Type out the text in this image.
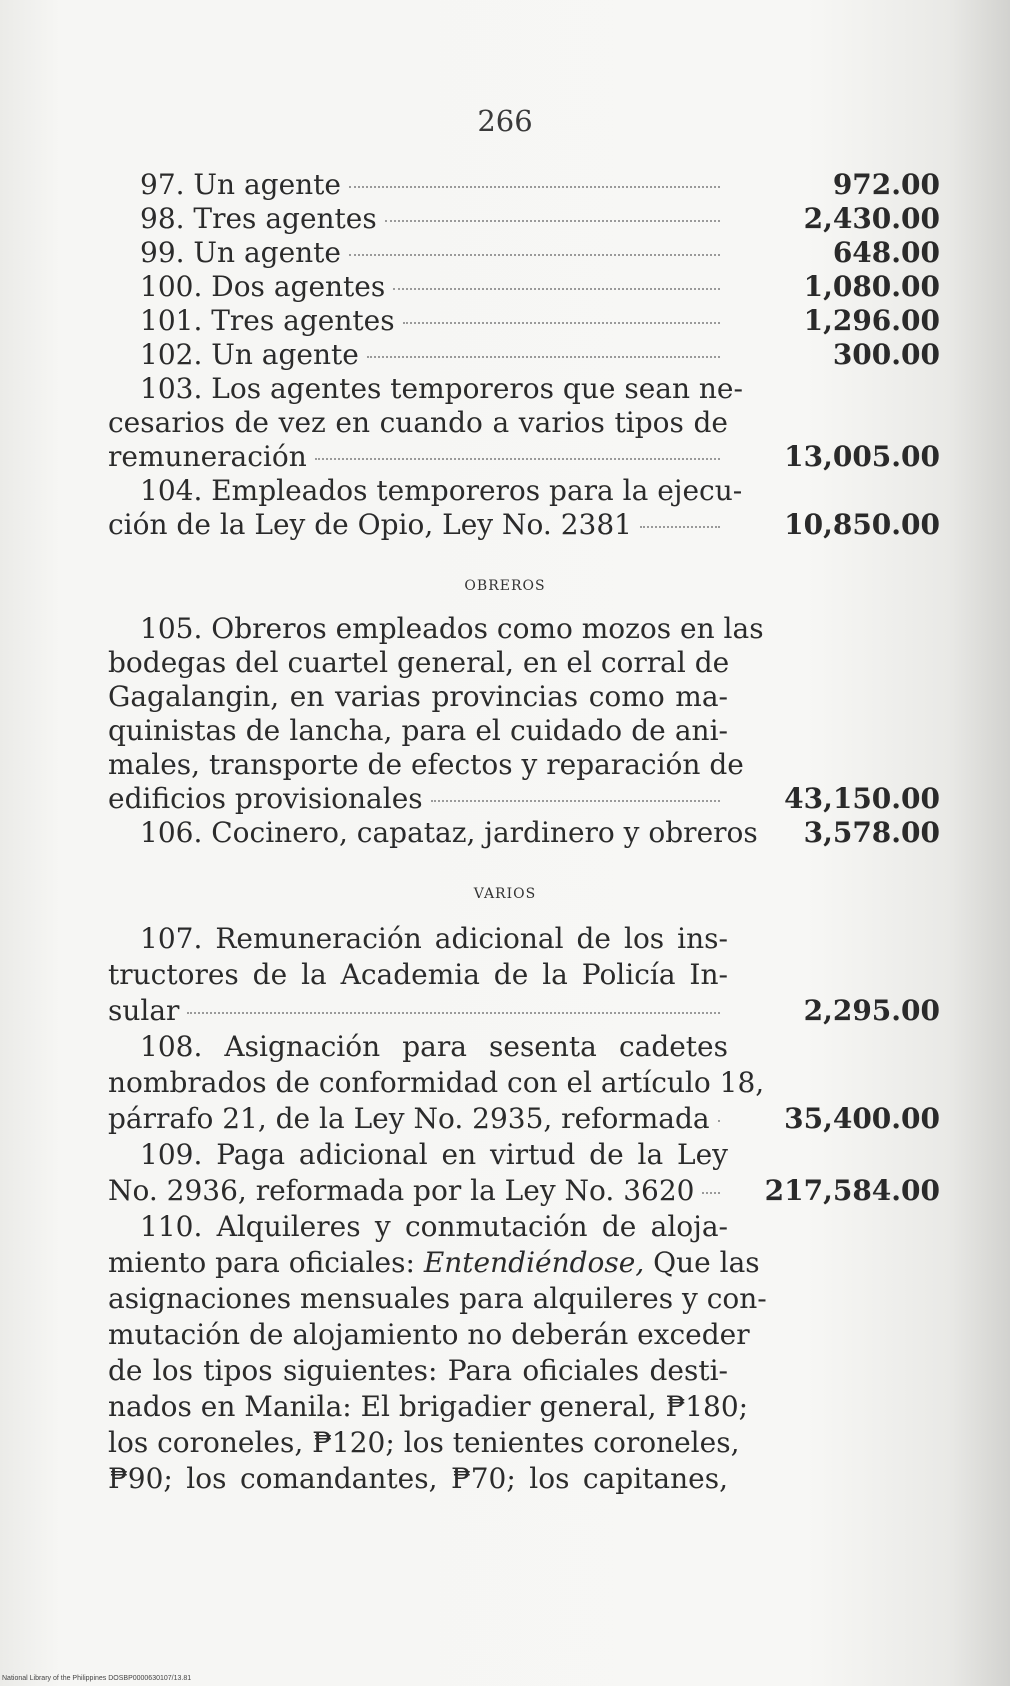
266
97. Un agente	972.00
98. Tres agentes	2,430.00
99. Un agente	648.00
100. Dos agentes	1,080.00
101. Tres agentes	1,296.00
102. Un agente	300.00
103. Los agentes temporeros que sean ne-
cesarios de vez en cuando a varios tipos de
remuneración	13,005.00
104. Empleados temporeros para la ejecu-
ción de la Ley de Opio, Ley No. 2381	10,850.00
OBREROS
105. Obreros empleados como mozos en las
bodegas del cuartel general, en el corral de
Gagalangin, en varias provincias como ma-
quinistas de lancha, para el cuidado de ani-
males, transporte de efectos y reparación de
edificios provisionales	43,150.00
106. Cocinero, capataz, jardinero y obreros	3,578.00
VARIOS
107. Remuneración adicional de los ins-
tructores de la Academia de la Policía In-
sular	2,295.00
108. Asignación para sesenta cadetes
nombrados de conformidad con el artículo 18,
párrafo 21, de la Ley No. 2935, reformada	35,400.00
109. Paga adicional en virtud de la Ley
No. 2936, reformada por la Ley No. 3620	217,584.00
110. Alquileres y conmutación de aloja-
miento para oficiales: Entendiéndose, Que las
asignaciones mensuales para alquileres y con-
mutación de alojamiento no deberán exceder
de los tipos siguientes: Para oficiales desti-
nados en Manila: El brigadier general, ₱180;
los coroneles, ₱120; los tenientes coroneles,
₱90; los comandantes, ₱70; los capitanes,
National Library of the Philippines DOSBP0000630107/13.81
